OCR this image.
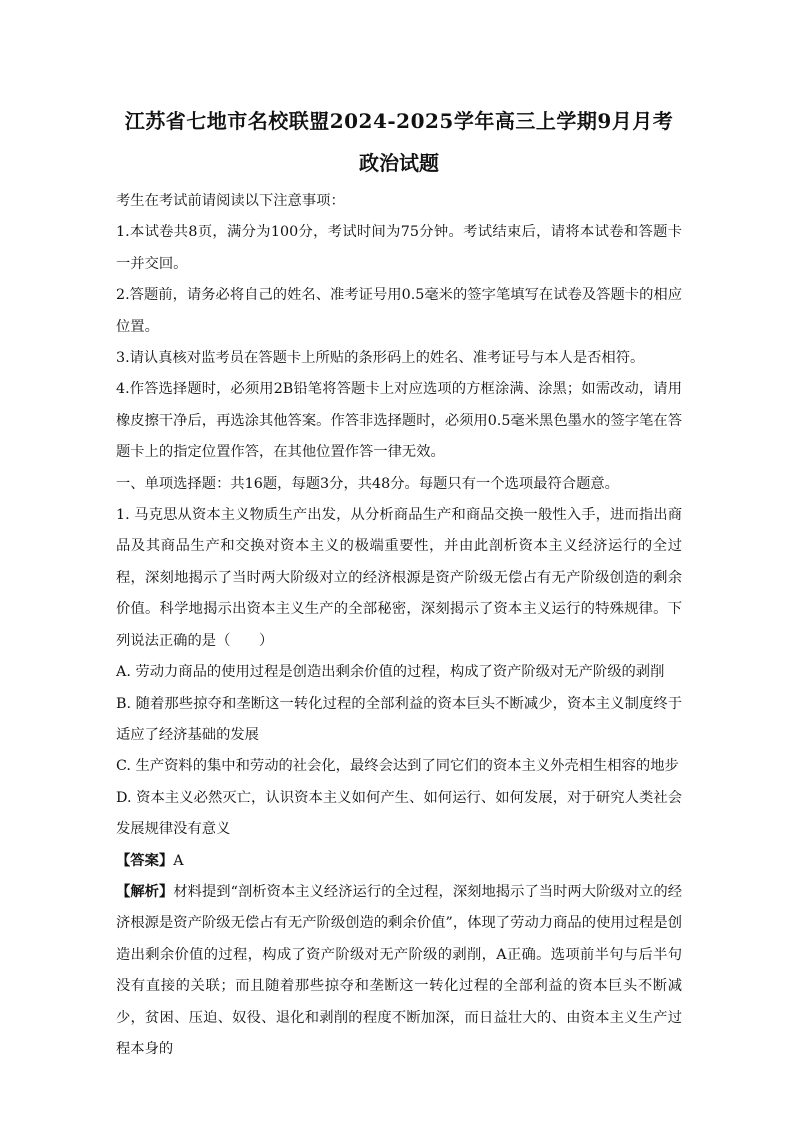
江苏省七地市名校联盟2024-2025学年高三上学期9月月考
政治试题

考生在考试前请阅读以下注意事项：

1.本试卷共8页，满分为100分，考试时间为75分钟。考试结束后，请将本试卷和答题卡一并交回。

2.答题前，请务必将自己的姓名、准考证号用0.5毫米的签字笔填写在试卷及答题卡的相应位置。

3.请认真核对监考员在答题卡上所贴的条形码上的姓名、准考证号与本人是否相符。

4.作答选择题时，必须用2B铅笔将答题卡上对应选项的方框涂满、涂黑；如需改动，请用橡皮擦干净后，再选涂其他答案。作答非选择题时，必须用0.5毫米黑色墨水的签字笔在答题卡上的指定位置作答，在其他位置作答一律无效。

一、单项选择题：共16题，每题3分，共48分。每题只有一个选项最符合题意。

1. 马克思从资本主义物质生产出发，从分析商品生产和商品交换一般性入手，进而指出商品及其商品生产和交换对资本主义的极端重要性，并由此剖析资本主义经济运行的全过程，深刻地揭示了当时两大阶级对立的经济根源是资产阶级无偿占有无产阶级创造的剩余价值。科学地揭示出资本主义生产的全部秘密，深刻揭示了资本主义运行的特殊规律。下列说法正确的是（　　）

A. 劳动力商品的使用过程是创造出剩余价值的过程，构成了资产阶级对无产阶级的剥削

B. 随着那些掠夺和垄断这一转化过程的全部利益的资本巨头不断减少，资本主义制度终于适应了经济基础的发展

C. 生产资料的集中和劳动的社会化，最终会达到了同它们的资本主义外壳相生相容的地步

D. 资本主义必然灭亡，认识资本主义如何产生、如何运行、如何发展，对于研究人类社会发展规律没有意义

【答案】A

【解析】材料提到“剖析资本主义经济运行的全过程，深刻地揭示了当时两大阶级对立的经济根源是资产阶级无偿占有无产阶级创造的剩余价值”，体现了劳动力商品的使用过程是创造出剩余价值的过程，构成了资产阶级对无产阶级的剥削，A正确。选项前半句与后半句没有直接的关联；而且随着那些掠夺和垄断这一转化过程的全部利益的资本巨头不断减少，贫困、压迫、奴役、退化和剥削的程度不断加深，而日益壮大的、由资本主义生产过程本身的
